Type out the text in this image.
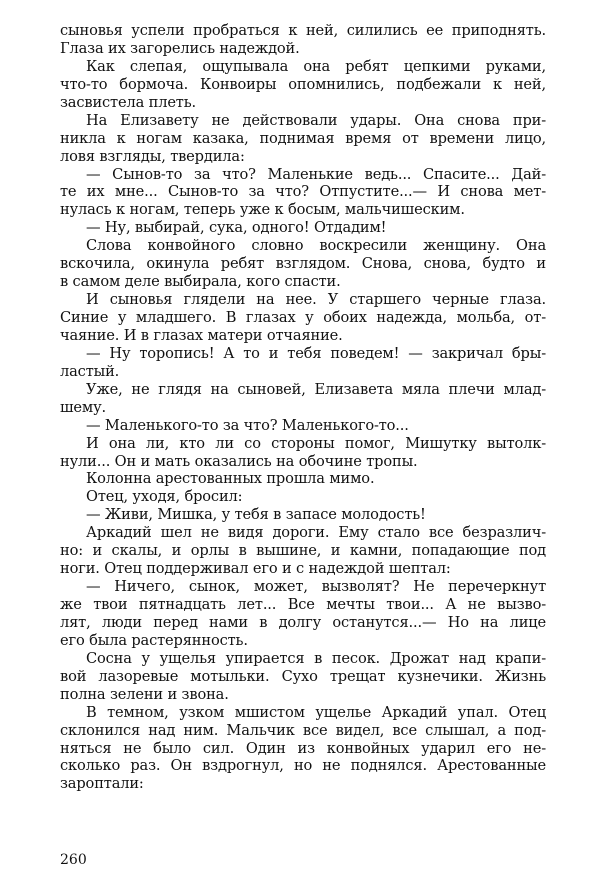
сыновья успели пробраться к ней, силились ее приподнять.
Глаза их загорелись надеждой.
Как слепая, ощупывала она ребят цепкими руками,
что-то бормоча. Конвоиры опомнились, подбежали к ней,
засвистела плеть.
На Елизавету не действовали удары. Она снова при-
никла к ногам казака, поднимая время от времени лицо,
ловя взгляды, твердила:
— Сынов-то за что? Маленькие ведь... Спасите... Дай-
те их мне... Сынов-то за что? Отпустите...— И снова мет-
нулась к ногам, теперь уже к босым, мальчишеским.
— Ну, выбирай, сука, одного! Отдадим!
Слова конвойного словно воскресили женщину. Она
вскочила, окинула ребят взглядом. Снова, снова, будто и
в самом деле выбирала, кого спасти.
И сыновья глядели на нее. У старшего черные глаза.
Синие у младшего. В глазах у обоих надежда, мольба, от-
чаяние. И в глазах матери отчаяние.
— Ну торопись! А то и тебя поведем! — закричал бры-
ластый.
Уже, не глядя на сыновей, Елизавета мяла плечи млад-
шему.
— Маленького-то за что? Маленького-то...
И она ли, кто ли со стороны помог, Мишутку вытолк-
нули... Он и мать оказались на обочине тропы.
Колонна арестованных прошла мимо.
Отец, уходя, бросил:
— Живи, Мишка, у тебя в запасе молодость!
Аркадий шел не видя дороги. Ему стало все безразлич-
но: и скалы, и орлы в вышине, и камни, попадающие под
ноги. Отец поддерживал его и с надеждой шептал:
— Ничего, сынок, может, вызволят? Не перечеркнут
же твои пятнадцать лет... Все мечты твои... А не вызво-
лят, люди перед нами в долгу останутся...— Но на лице
его была растерянность.
Сосна у ущелья упирается в песок. Дрожат над крапи-
вой лазоревые мотыльки. Сухо трещат кузнечики. Жизнь
полна зелени и звона.
В темном, узком мшистом ущелье Аркадий упал. Отец
склонился над ним. Мальчик все видел, все слышал, а под-
няться не было сил. Один из конвойных ударил его не-
сколько раз. Он вздрогнул, но не поднялся. Арестованные
зароптали:
260
